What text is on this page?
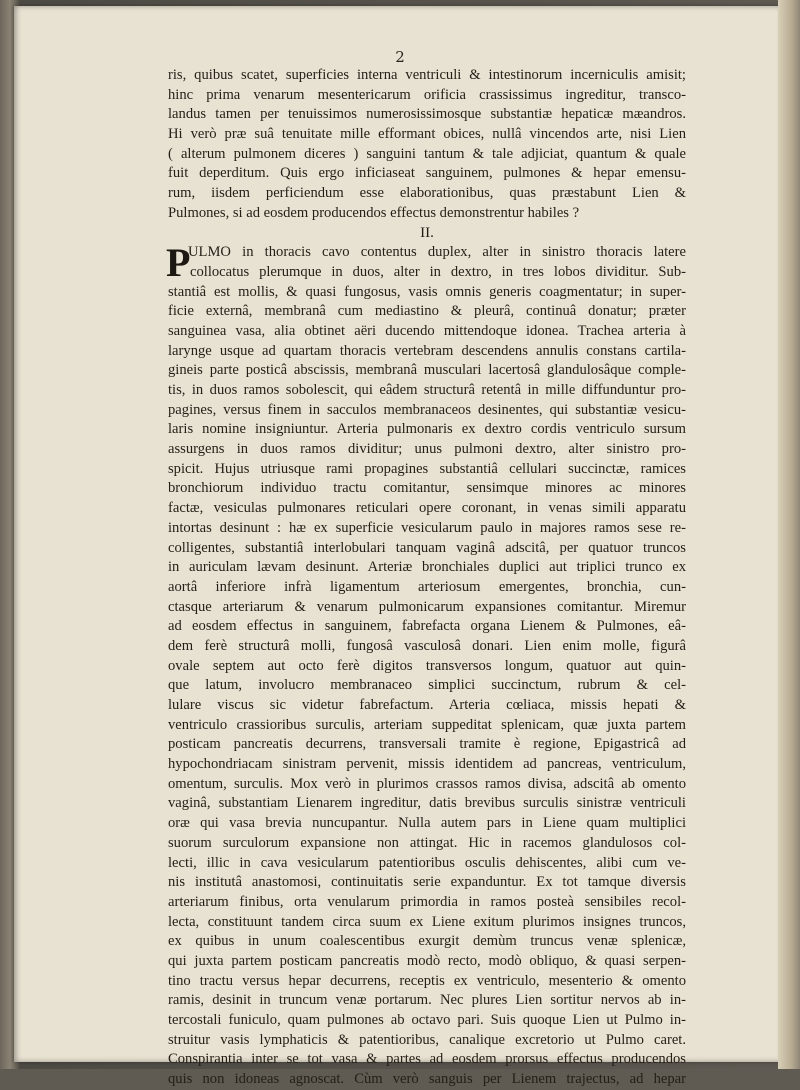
2
ris, quibus scatet, superficies interna ventriculi & intestinorum incerniculis amisit;
hinc prima venarum mesentericarum orificia crassissimus ingreditur, transco-
landus tamen per tenuissimos numerosissimosque substantiæ hepaticæ mæandros.
Hi verò præ suâ tenuitate mille efformant obices, nullâ vincendos arte, nisi Lien
( alterum pulmonem diceres ) sanguini tantum & tale adjiciat, quantum & quale
fuit deperditum. Quis ergo inficiaseat sanguinem, pulmones & hepar emensu-
rum, iisdem perficiendum esse elaborationibus, quas præstabunt Lien &
Pulmones, si ad eosdem producendos effectus demonstrentur habiles ?
II.
P
ULMO in thoracis cavo contentus duplex, alter in sinistro thoracis latere
collocatus plerumque in duos, alter in dextro, in tres lobos dividitur. Sub-
stantiâ est mollis, & quasi fungosus, vasis omnis generis coagmentatur; in super-
ficie externâ, membranâ cum mediastino & pleurâ, continuâ donatur; præter
sanguinea vasa, alia obtinet aëri ducendo mittendoque idonea. Trachea arteria à
larynge usque ad quartam thoracis vertebram descendens annulis constans cartila-
gineis parte posticâ abscissis, membranâ musculari lacertosâ glandulosâque comple-
tis, in duos ramos sobolescit, qui eâdem structurâ retentâ in mille diffunduntur pro-
pagines, versus finem in sacculos membranaceos desinentes, qui substantiæ vesicu-
laris nomine insigniuntur. Arteria pulmonaris ex dextro cordis ventriculo sursum
assurgens in duos ramos dividitur; unus pulmoni dextro, alter sinistro pro-
spicit. Hujus utriusque rami propagines substantiâ cellulari succinctæ, ramices
bronchiorum individuo tractu comitantur, sensimque minores ac minores
factæ, vesiculas pulmonares reticulari opere coronant, in venas simili apparatu
intortas desinunt : hæ ex superficie vesicularum paulo in majores ramos sese re-
colligentes, substantiâ interlobulari tanquam vaginâ adscitâ, per quatuor truncos
in auriculam lævam desinunt. Arteriæ bronchiales duplici aut triplici trunco ex
aortâ inferiore infrà ligamentum arteriosum emergentes, bronchia, cun-
ctasque arteriarum & venarum pulmonicarum expansiones comitantur. Miremur
ad eosdem effectus in sanguinem, fabrefacta organa Lienem & Pulmones, eâ-
dem ferè structurâ molli, fungosâ vasculosâ donari. Lien enim molle, figurâ
ovale septem aut octo ferè digitos transversos longum, quatuor aut quin-
que latum, involucro membranaceo simplici succinctum, rubrum & cel-
lulare viscus sic videtur fabrefactum. Arteria cœliaca, missis hepati &
ventriculo crassioribus surculis, arteriam suppeditat splenicam, quæ juxta partem
posticam pancreatis decurrens, transversali tramite è regione, Epigastricâ ad
hypochondriacam sinistram pervenit, missis identidem ad pancreas, ventriculum,
omentum, surculis. Mox verò in plurimos crassos ramos divisa, adscitâ ab omento
vaginâ, substantiam Lienarem ingreditur, datis brevibus surculis sinistræ ventriculi
oræ qui vasa brevia nuncupantur. Nulla autem pars in Liene quam multiplici
suorum surculorum expansione non attingat. Hic in racemos glandulosos col-
lecti, illic in cava vesicularum patentioribus osculis dehiscentes, alibi cum ve-
nis institutâ anastomosi, continuitatis serie expanduntur. Ex tot tamque diversis
arteriarum finibus, orta venularum primordia in ramos posteà sensibiles recol-
lecta, constituunt tandem circa suum ex Liene exitum plurimos insignes truncos,
ex quibus in unum coalescentibus exurgit demùm truncus venæ splenicæ,
qui juxta partem posticam pancreatis modò recto, modò obliquo, & quasi serpen-
tino tractu versus hepar decurrens, receptis ex ventriculo, mesenterio & omento
ramis, desinit in truncum venæ portarum. Nec plures Lien sortitur nervos ab in-
tercostali funiculo, quam pulmones ab octavo pari. Suis quoque Lien ut Pulmo in-
struitur vasis lymphaticis & patentioribus, canalique excretorio ut Pulmo caret.
Conspirantia inter se tot vasa & partes ad eosdem prorsus effectus producendos
quis non idoneas agnoscat. Cùm verò sanguis per Lienem trajectus, ad hepar
